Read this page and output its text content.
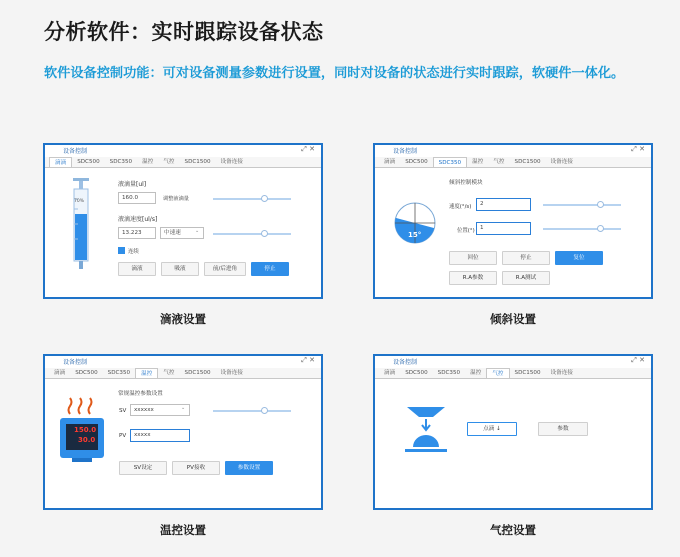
分析软件：实时跟踪设备状态
软件设备控制功能：可对设备测量参数进行设置，同时对设备的状态进行实时跟踪，软硬件一体化。
设备控制	⤢ ✕
滴滴	SDC500	SDC350	温控	气控	SDC1500	设备连接
70%
液滴量[ul]
160.0	调整液滴量
液滴速度[ul/s]
13.223	中速速	⌄
连续
滴液	吸液	前/后进角	停止
滴液设置
设备控制	⤢ ✕
滴滴	SDC500	SDC350	温控	气控	SDC1500	设备连接
倾斜控制模块
15°
速度(°/s)	2
位置(°) 1
回位	停止	复位
R.A参数	R.A测试
倾斜设置
设备控制	⤢ ✕
滴滴	SDC500	SDC350	温控	气控	SDC1500	设备连接
150.0
30.0
常规温控参数设置
SV	xxxxxx	⌄
PV	xxxxx
SV设定	PV接收	参数设置
温控设置
设备控制	⤢ ✕
滴滴	SDC500	SDC350	温控	气控	SDC1500	设备连接
点滴 ↓	参数
气控设置
